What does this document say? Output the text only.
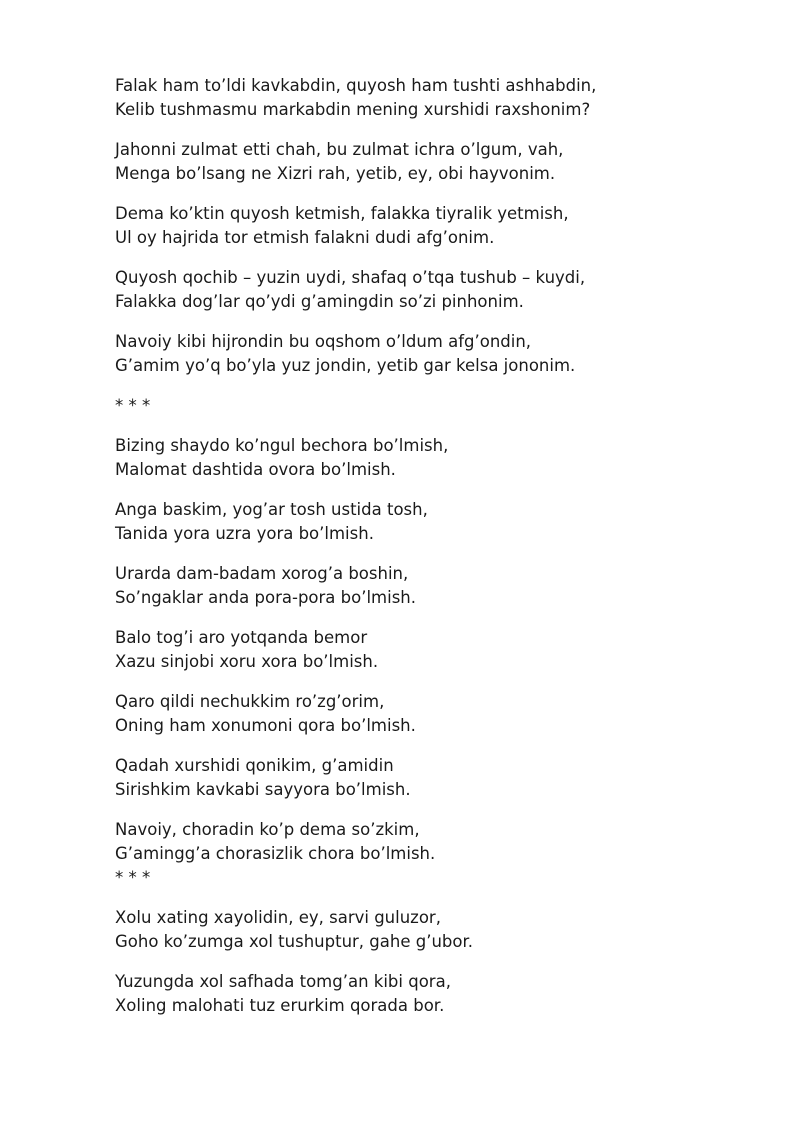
Falak ham to’ldi kavkabdin, quyosh ham tushti ashhabdin,
Kelib tushmasmu markabdin mening xurshidi raxshonim?
Jahonni zulmat etti chah, bu zulmat ichra o’lgum, vah,
Menga bo’lsang ne Xizri rah, yetib, ey, obi hayvonim.
Dema ko’ktin quyosh ketmish, falakka tiyralik yetmish,
Ul oy hajrida tor etmish falakni dudi afg’onim.
Quyosh qochib – yuzin uydi, shafaq o’tqa tushub – kuydi,
Falakka dog’lar qo’ydi g’amingdin so’zi pinhonim.
Navoiy kibi hijrondin bu oqshom o’ldum afg’ondin,
G’amim yo’q bo’yla yuz jondin, yetib gar kelsa jononim.
* * *
Bizing shaydo ko’ngul bechora bo’lmish,
Malomat dashtida ovora bo’lmish.
Anga baskim, yog’ar tosh ustida tosh,
Tanida yora uzra yora bo’lmish.
Urarda dam-badam xorog’a boshin,
So’ngaklar anda pora-pora bo’lmish.
Balo tog’i aro yotqanda bemor
Xazu sinjobi xoru xora bo’lmish.
Qaro qildi nechukkim ro’zg’orim,
Oning ham xonumoni qora bo’lmish.
Qadah xurshidi qonikim, g’amidin
Sirishkim kavkabi sayyora bo’lmish.
Navoiy, choradin ko’p dema so’zkim,
G’amingg’a chorasizlik chora bo’lmish.
* * *
Xolu xating xayolidin, ey, sarvi guluzor,
Goho ko’zumga xol tushuptur, gahe g’ubor.
Yuzungda xol safhada tomg’an kibi qora,
Xoling malohati tuz erurkim qorada bor.
